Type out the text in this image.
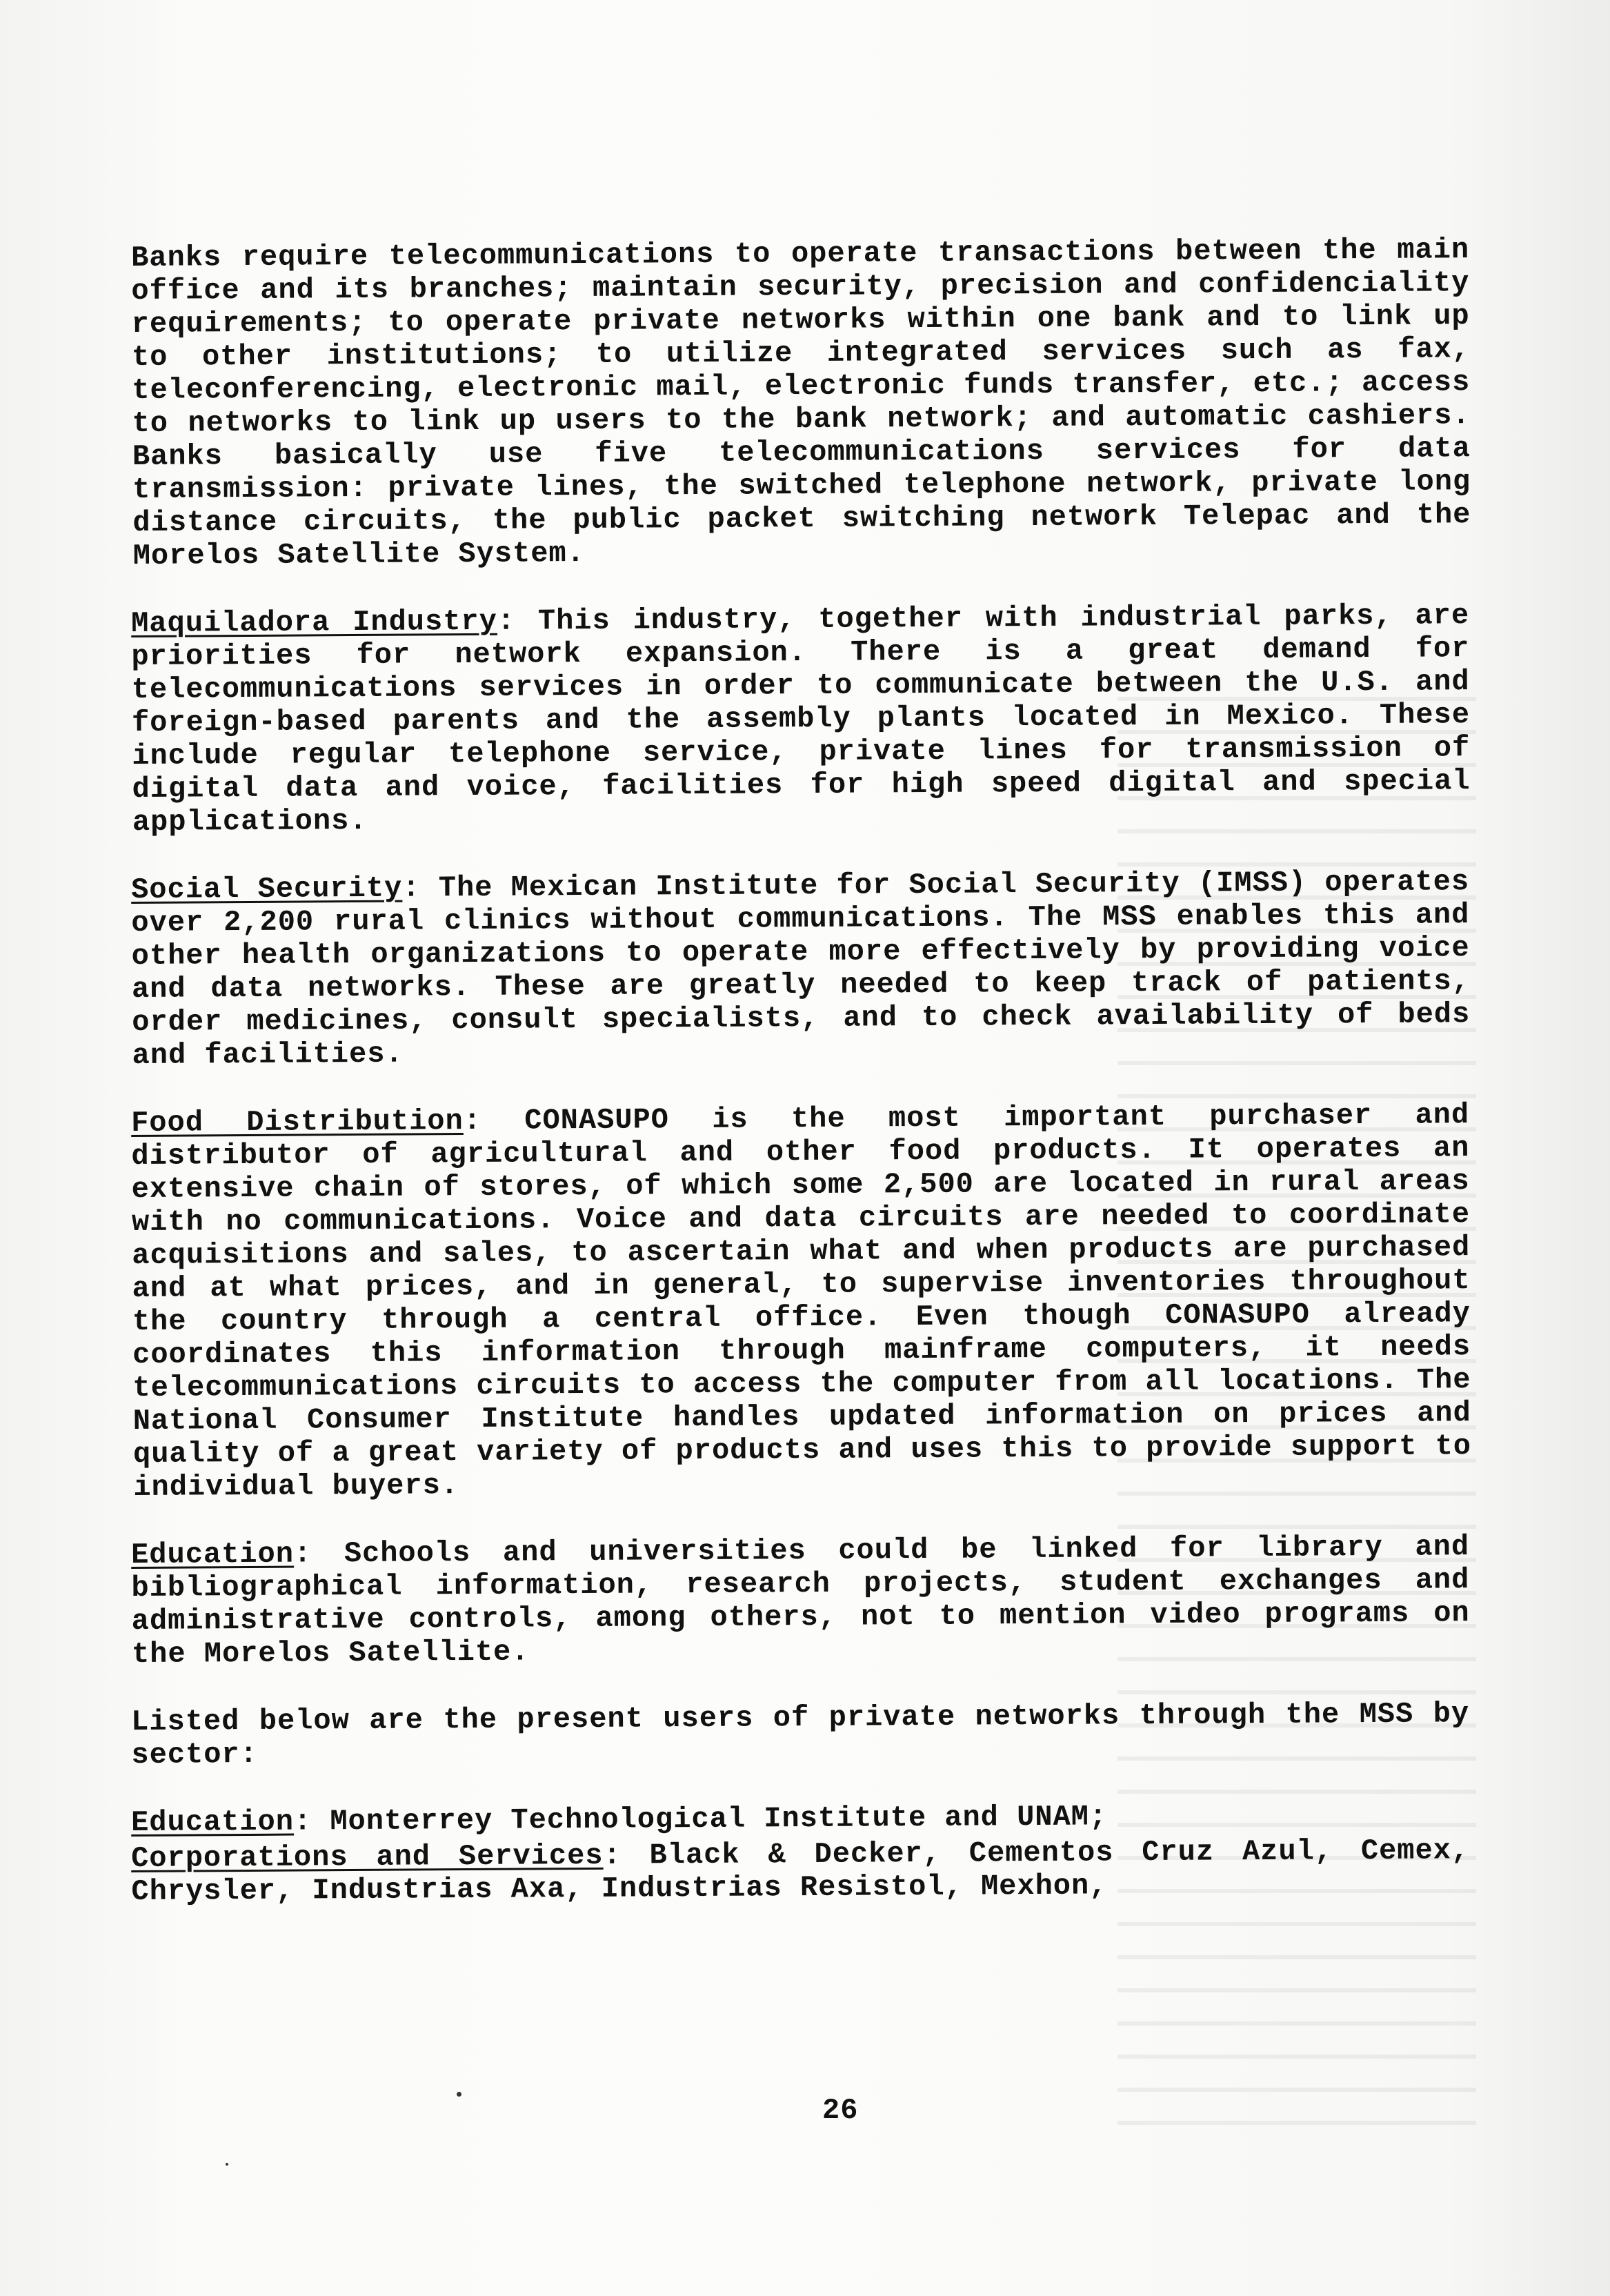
Banks require telecommunications to operate transactions between the main office and its branches; maintain security, precision and confidenciality requirements; to operate private networks within one bank and to link up to other institutions; to utilize integrated services such as fax, teleconferencing, electronic mail, electronic funds transfer, etc.; access to networks to link up users to the bank network; and automatic cashiers. Banks basically use five telecommunications services for data transmission: private lines, the switched telephone network, private long distance circuits, the public packet switching network Telepac and the Morelos Satellite System.

Maquiladora Industry: This industry, together with industrial parks, are priorities for network expansion. There is a great demand for telecommunications services in order to communicate between the U.S. and foreign-based parents and the assembly plants located in Mexico. These include regular telephone service, private lines for transmission of digital data and voice, facilities for high speed digital and special applications.

Social Security: The Mexican Institute for Social Security (IMSS) operates over 2,200 rural clinics without communications. The MSS enables this and other health organizations to operate more effectively by providing voice and data networks. These are greatly needed to keep track of patients, order medicines, consult specialists, and to check availability of beds and facilities.

Food Distribution: CONASUPO is the most important purchaser and distributor of agricultural and other food products. It operates an extensive chain of stores, of which some 2,500 are located in rural areas with no communications. Voice and data circuits are needed to coordinate acquisitions and sales, to ascertain what and when products are purchased and at what prices, and in general, to supervise inventories throughout the country through a central office. Even though CONASUPO already coordinates this information through mainframe computers, it needs telecommunications circuits to access the computer from all locations. The National Consumer Institute handles updated information on prices and quality of a great variety of products and uses this to provide support to individual buyers.

Education: Schools and universities could be linked for library and bibliographical information, research projects, student exchanges and administrative controls, among others, not to mention video programs on the Morelos Satellite.

Listed below are the present users of private networks through the MSS by sector:

Education: Monterrey Technological Institute and UNAM;

Corporations and Services: Black & Decker, Cementos Cruz Azul, Cemex, Chrysler, Industrias Axa, Industrias Resistol, Mexhon,

26
